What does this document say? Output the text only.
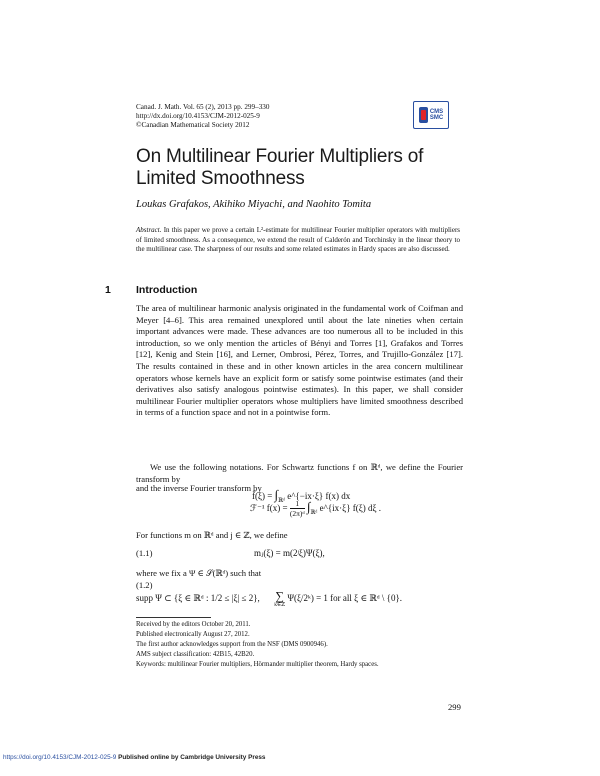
Canad. J. Math. Vol. 65 (2), 2013 pp. 299–330
http://dx.doi.org/10.4153/CJM-2012-025-9
©Canadian Mathematical Society 2012
CMS
SMC
On Multilinear Fourier Multipliers of Limited Smoothness
Loukas Grafakos, Akihiko Miyachi, and Naohito Tomita
Abstract. In this paper we prove a certain L²-estimate for multilinear Fourier multiplier operators with multipliers of limited smoothness. As a consequence, we extend the result of Calderón and Torchinsky in the linear theory to the multilinear case. The sharpness of our results and some related estimates in Hardy spaces are also discussed.
1 Introduction
The area of multilinear harmonic analysis originated in the fundamental work of Coifman and Meyer [4–6]. This area remained unexplored until about the late nineties when certain important advances were made. These advances are too numerous all to be included in this introduction, so we only mention the articles of Bényi and Torres [1], Grafakos and Torres [12], Kenig and Stein [16], and Lerner, Ombrosi, Pérez, Torres, and Trujillo-González [17]. The results contained in these and in other known articles in the area concern multilinear operators whose kernels have an explicit form or satisfy some pointwise estimates (and their derivatives also satisfy analogous pointwise estimates). In this paper, we shall consider multilinear Fourier multiplier operators whose multipliers have limited smoothness described in terms of a function space and not in a pointwise form.
We use the following notations. For Schwartz functions f on ℝᵈ, we define the Fourier transform by
f̂(ξ) = $\int_{ℝᵈ}$ e^{−ix·ξ} f(x) dx
and the inverse Fourier transform by
ℱ⁻¹ $f(x) = \frac{1}{\text{(2π)ᵈ}} \int_{ℝᵈ}$ e^{ix·ξ} f(ξ) dξ .
For functions m on ℝᵈ and j ∈ ℤ, we define
(1.1)	mⱼ(ξ) = m(2ʲξ)Ψ(ξ),
where we fix a Ψ ∈ 𝒮(ℝᵈ) such that
(1.2)
supp Ψ ⊂ {ξ ∈ ℝᵈ : 1/2 ≤ |ξ| ≤ 2}, ∑
k∈ℤ
Ψ(ξ/2ᵏ) = 1 for all ξ ∈ ℝᵈ \ {0}.
Received by the editors October 20, 2011.
Published electronically August 27, 2012.
The first author acknowledges support from the NSF (DMS 0900946).
AMS subject classification: 42B15, 42B20.
Keywords: multilinear Fourier multipliers, Hörmander multiplier theorem, Hardy spaces.
299
https://doi.org/10.4153/CJM-2012-025-9 Published online by Cambridge University Press
